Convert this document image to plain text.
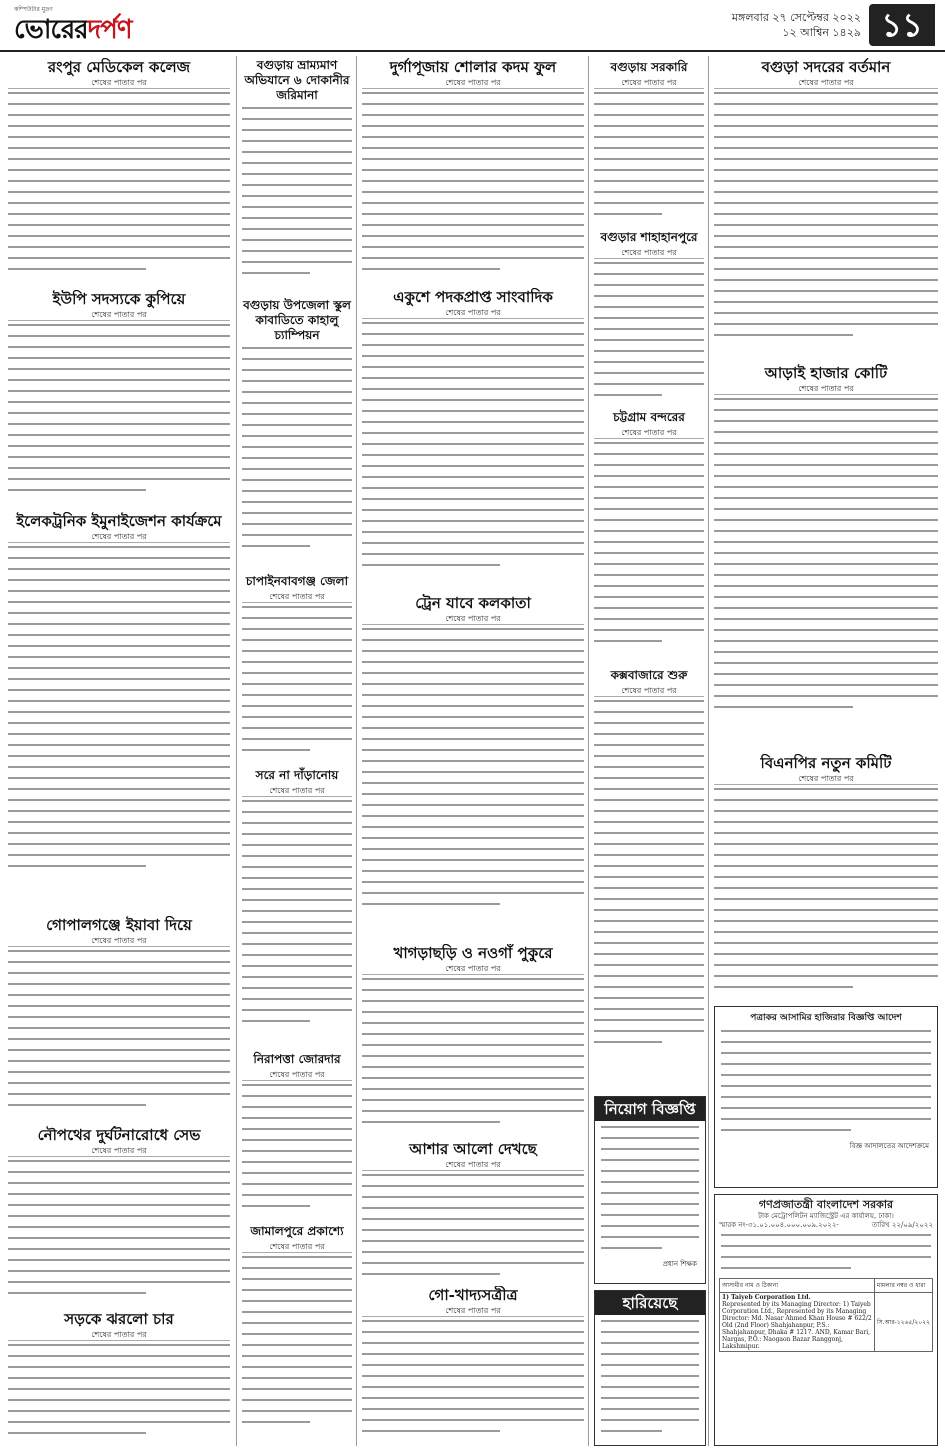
কম্পিউটার মুদ্রণ
ভোরেরদর্পণ	মঙ্গলবার ২৭ সেপ্টেম্বর ২০২২
১২ আশ্বিন ১৪২৯ ১১
রংপুর মেডিকেল কলেজ
শেষের পাতার পর
ইউপি সদস্যকে কুপিয়ে
শেষের পাতার পর
ইলেকট্রনিক ইমুনাইজেশন কার্যক্রমে
শেষের পাতার পর
গোপালগঞ্জে ইয়াবা দিয়ে
শেষের পাতার পর
নৌপথের দুর্ঘটনারোধে সেভ
শেষের পাতার পর
সড়কে ঝরলো চার
শেষের পাতার পর
বগুড়ায় ভ্রাম্যমাণ অভিযানে ৬ দোকানীর জরিমানা
বগুড়ায় উপজেলা স্কুল কাবাডিতে কাহালু চ্যাম্পিয়ন
চাপাইনবাবগঞ্জ জেলা
শেষের পাতার পর
সরে না দাঁড়ানোয়
শেষের পাতার পর
নিরাপত্তা জোরদার
শেষের পাতার পর
জামালপুরে প্রকাশ্যে
শেষের পাতার পর
দুর্গাপূজায় শোলার কদম ফুল
শেষের পাতার পর
একুশে পদকপ্রাপ্ত সাংবাদিক
শেষের পাতার পর
ট্রেন যাবে কলকাতা
শেষের পাতার পর
খাগড়াছড়ি ও নওগাঁ পুকুরে
শেষের পাতার পর
আশার আলো দেখছে
শেষের পাতার পর
গো-খাদ্যসত্রীত্র
শেষের পাতার পর
বগুড়ায় সরকারি
শেষের পাতার পর
বগুড়ার শাহাহানপুরে
শেষের পাতার পর
চট্টগ্রাম বন্দরের
শেষের পাতার পর
কক্সবাজারে শুরু
শেষের পাতার পর
নিয়োগ বিজ্ঞপ্তি
প্রধান শিক্ষক
হারিয়েছে
বগুড়া সদরের বর্তমান
শেষের পাতার পর
আড়াই হাজার কোটি
শেষের পাতার পর
বিএনপির নতুন কমিটি
শেষের পাতার পর
পত্রাকর আসামির হাজিরার বিজ্ঞপ্তি আদেশ
বিজ্ঞ আদালতের আদেশক্রমে
গণপ্রজাতন্ত্রী বাংলাদেশ সরকার
টাক মেট্রোপলিটন ম্যাজিস্ট্রেট এর কার্যালয়, ঢাকা।
স্মারক নং-৩১.০১.০০৪.০০০.০০৯.২০২২-	তারিখ ২২/০৯/২০২২
আসামীর নাম ও ঠিকানা	মামলার নম্বর ও ধারা

1) Taiyeb Corporation Ltd.
Represented by its Managing Director: 1) Taiyeb Corporation Ltd., Represented by its Managing Director: Md. Nasar Ahmed Khan House # 622/2 Old (2nd Floor) Shahjahanpur, P.S.: Shahjahanpur, Dhaka # 1217. AND, Kamar Bari, Nargas, P.O.: Naogaon Bazar Ranggonj, Lakshmipur.	সি.আর-১২৬৫/২০২২
